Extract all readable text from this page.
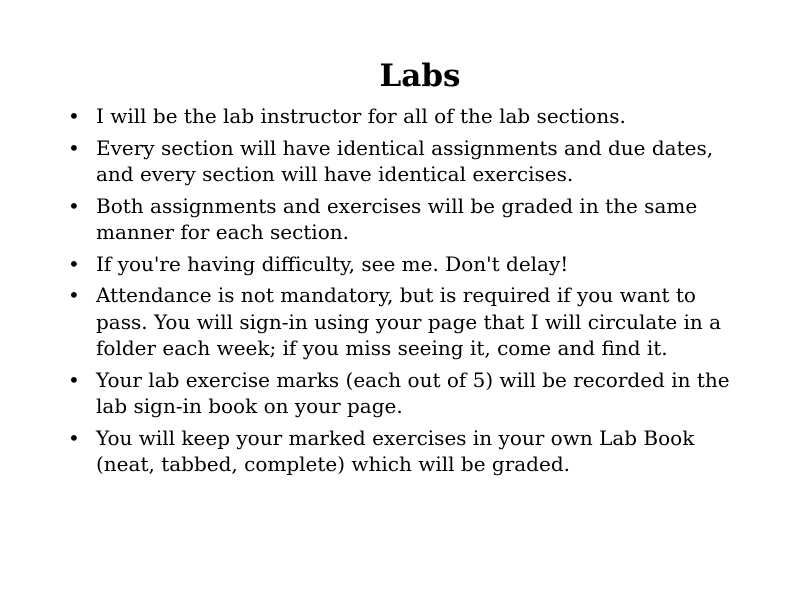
Labs
• I will be the lab instructor for all of the lab sections.
• Every section will have identical assignments and due dates, and every section will have identical exercises.
• Both assignments and exercises will be graded in the same manner for each section.
• If you're having difficulty, see me. Don't delay!
• Attendance is not mandatory, but is required if you want to pass. You will sign-in using your page that I will circulate in a folder each week; if you miss seeing it, come and find it.
• Your lab exercise marks (each out of 5) will be recorded in the lab sign-in book on your page.
• You will keep your marked exercises in your own Lab Book (neat, tabbed, complete) which will be graded.
